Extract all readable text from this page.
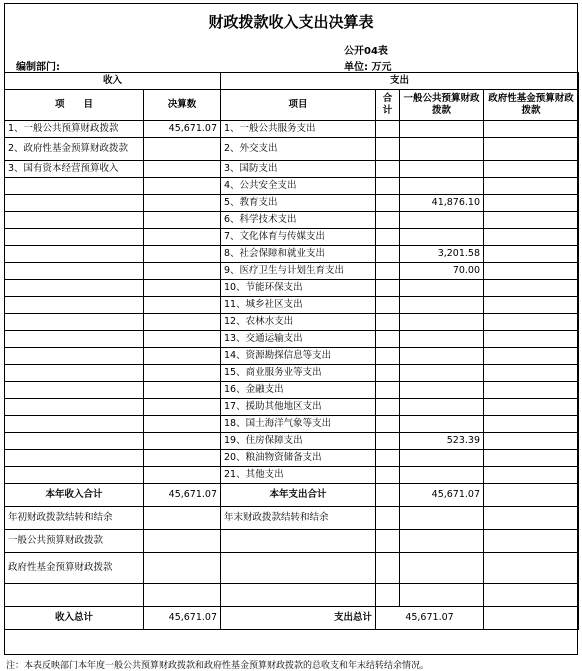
财政拨款收入支出决算表
公开04表
编制部门:	单位: 万元
收入		支出			
项　　目	决算数	项目	合计	一般公共预算财政拨款	政府性基金预算财政拨款
1、一般公共预算财政拨款	45,671.07	1、一般公共服务支出			
2、政府性基金预算财政拨款		2、外交支出			
3、国有资本经营预算收入		3、国防支出			
		4、公共安全支出			
		5、教育支出		41,876.10	
		6、科学技术支出			
		7、文化体育与传媒支出			
		8、社会保障和就业支出		3,201.58	
		9、医疗卫生与计划生育支出		70.00	
		10、节能环保支出			
		11、城乡社区支出			
		12、农林水支出			
		13、交通运输支出			
		14、资源勘探信息等支出			
		15、商业服务业等支出			
		16、金融支出			
		17、援助其他地区支出			
		18、国土海洋气象等支出			
		19、住房保障支出		523.39	
		20、粮油物资储备支出			
		21、其他支出			
本年收入合计	45,671.07	本年支出合计		45,671.07	
年初财政拨款结转和结余		年末财政拨款结转和结余			
一般公共预算财政拨款					
政府性基金预算财政拨款					

收入总计	45,671.07	支出总计	45,671.07		
注：本表反映部门本年度一般公共预算财政拨款和政府性基金预算财政拨款的总收支和年末结转结余情况。
